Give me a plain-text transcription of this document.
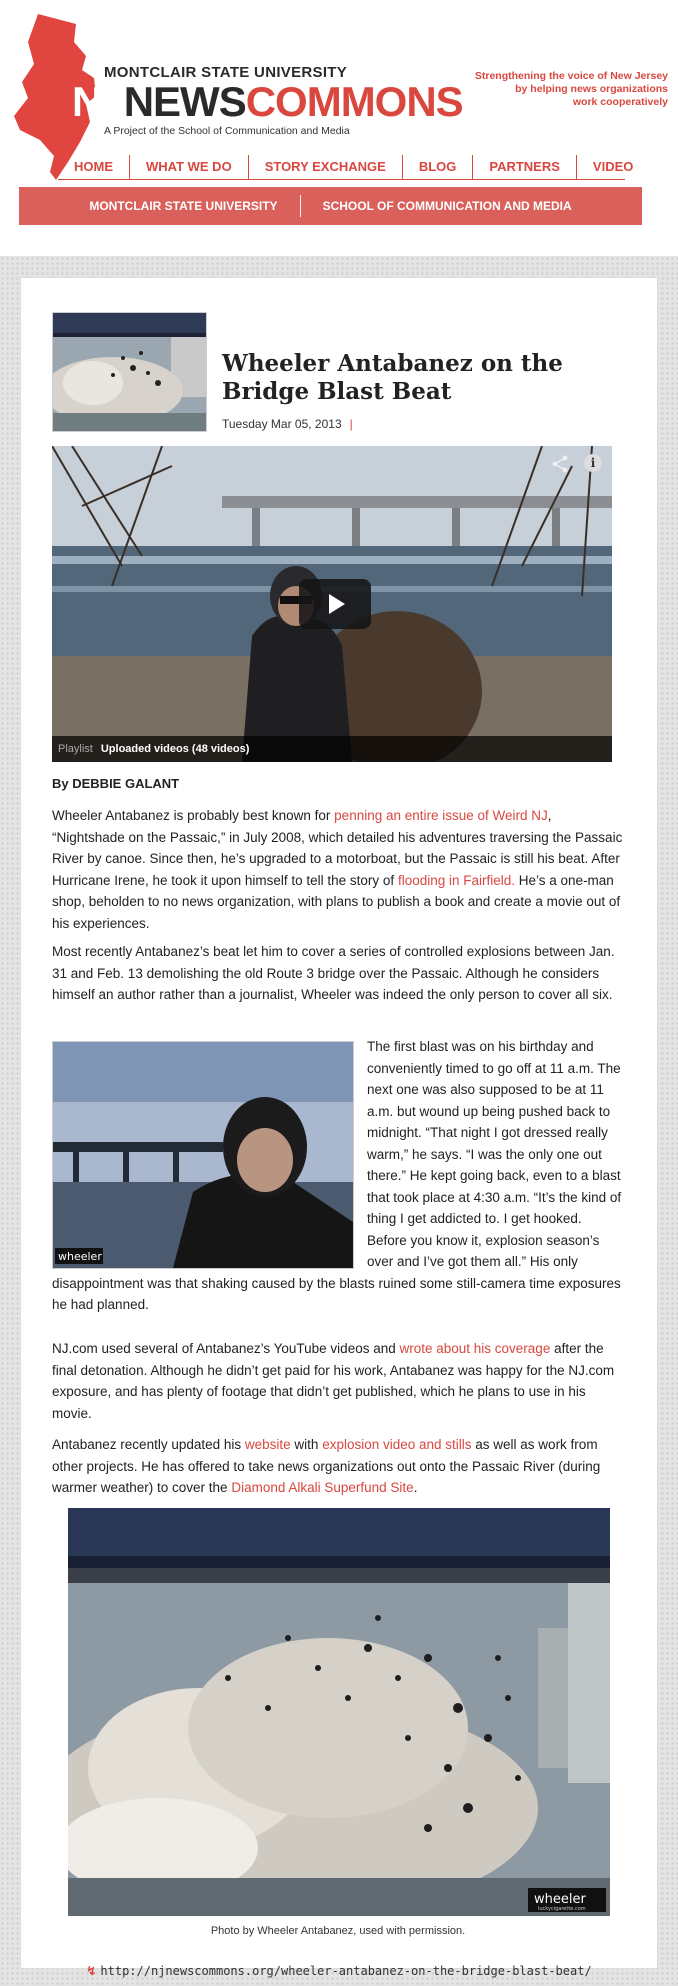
MONTCLAIR STATE UNIVERSITY
NJNEWSCOMMONS
A Project of the School of Communication and Media
Strengthening the voice of New Jersey
by helping news organizations
work cooperatively
HOME	WHAT WE DO	STORY EXCHANGE	BLOG	PARTNERS	VIDEO
MONTCLAIR STATE UNIVERSITY	SCHOOL OF COMMUNICATION AND MEDIA
Wheeler Antabanez on the Bridge Blast Beat
Tuesday Mar 05, 2013 |
i
Playlist Uploaded videos (48 videos)
By DEBBIE GALANT
Wheeler Antabanez is probably best known for penning an entire issue of Weird NJ, “Nightshade on the Passaic,” in July 2008, which detailed his adventures traversing the Passaic River by canoe. Since then, he’s upgraded to a motorboat, but the Passaic is still his beat. After Hurricane Irene, he took it upon himself to tell the story of flooding in Fairfield. He’s a one-man shop, beholden to no news organization, with plans to publish a book and create a movie out of his experiences.
Most recently Antabanez’s beat let him to cover a series of controlled explosions between Jan. 31 and Feb. 13 demolishing the old Route 3 bridge over the Passaic. Although he considers himself an author rather than a journalist, Wheeler was indeed the only person to cover all six.
The first blast was on his birthday and conveniently timed to go off at 11 a.m. The next one was also supposed to be at 11 a.m. but wound up being pushed back to midnight. “That night I got dressed really warm,” he says. “I was the only one out there.” He kept going back, even to a blast that took place at 4:30 a.m. “It’s the kind of thing I get addicted to. I get hooked. Before you know it, explosion season’s over and I’ve got them all.” His only disappointment was that shaking caused by the blasts ruined some still-camera time exposures he had planned.
wheeler
NJ.com used several of Antabanez’s YouTube videos and wrote about his coverage after the final detonation. Although he didn’t get paid for his work, Antabanez was happy for the NJ.com exposure, and has plenty of footage that didn’t get published, which he plans to use in his movie.
Antabanez recently updated his website with explosion video and stills as well as work from other projects. He has offered to take news organizations out onto the Passaic River (during warmer weather) to cover the Diamond Alkali Superfund Site.
wheeler
luckycigarette.com
Photo by Wheeler Antabanez, used with permission.
↯ http://njnewscommons.org/wheeler-antabanez-on-the-bridge-blast-beat/
